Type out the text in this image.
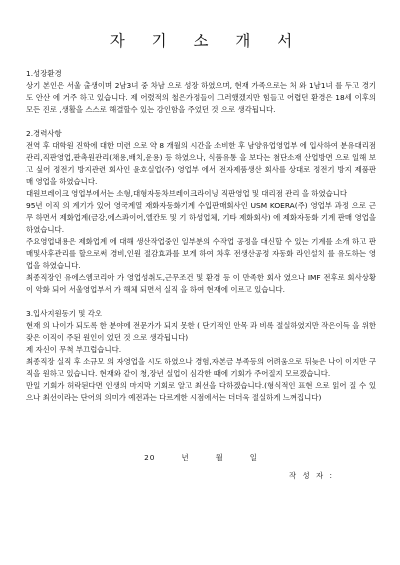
자 기 소 개 서

1.성장환경

상기 본인은 서울 출생이며 2남3녀 중 차남 으로 성장 하였으며, 현재 가족으로는 처 와 1남1녀 를 두고 경기도 안산 에 거주 하고 있습니다. 제 어렸적의 철은가정들이 그러했겠지만 힘들고 어렵던 환경은 18세 이후의 모든 진로 ,생활을 스스로 해결할수 있는 강인함을 주었던 것 으로 생각됩니다.

2.경력사항

전역 후 대학원 진학에 대한 미련 으로 약 8 개월의 시간을 소비한 후 남양유업영업부 에 입사하여 분유대리점 관리,직판영업,판촉원관리(채용,배치,운용) 등 하였으나, 식품유통 을 보다는 첨단소재 산업방면 으로 일해 보고 싶어 정전기 방지관련 회사인 윤호실업(주) 영업부 에서 전자제품생산 회사를 상대로 정전기 방지 제품판매 영업을 하였습니다.

대원브레이크 영업부에서는 소형,대형자동차브레이크라이닝 직판영업 및 대리점 관리 을 하였습니다

95년 이직 의 계기가 있어 영국계열 재화자동화기계 수입판매회사인 USM KOERA(주) 영업부 과정 으로 근무 하면서 제화업계(금강,에스콰이어,엘칸토 및 기 하성업체, 기타 제화회사) 에 제화자동화 기계 판매 영업을 하였습니다.

주요영업내용은 제화업계 에 대해 생산작업중인 일부분의 수작업 공정을 대신할 수 있는 기계를 소개 하고 판매및사후관리를 할으로써 경비,인원 절감효과를 보게 하여 차후 전생산공정 자동화 라인설치 를 유도하는 영업을 하였습니다.

최종직장인 유에스엠코리아 가 영업성취도,근무조건 및 환경 등 이 만족한 회사 였으나 IMF 전후로 회사상황이 악화 되어 서울영업부서 가 해체 되면서 실직 을 하여 현재에 이르고 있습니다.

3.입사지원동기 및 각오

현재 의 나이가 되도록 한 분야에 전문가가 되지 못한 ( 단기적인 안목 과 비록 절실하였지만 작은이득 을 위한 잦은 이직이 주된 원인이 었던 것 으로 생각됩니다)

제 자신이 무척 부끄럽습니다.

최종직장 실직 후 소규모 의 자영업을 시도 하였으나 경험,자본금 부족등의 어려움으로 뒤늦은 나이 이지만 구직을 원하고 있습니다. 현재와 같이 청,장년 실업이 심각한 때에 기회가 주어질지 모르겠습니다.

만일 기회가 허락된다면 인생의 마지막 기회로 알고 최선을 다하겠습니다.(형식적인 표현 으로 읽어 질 수 있으나 최선이라는 단어의 의미가 예전과는 다르게한 시점에서는 더더욱 절실하게 느껴집니다)

20	년	월	일
작 성 자 :
